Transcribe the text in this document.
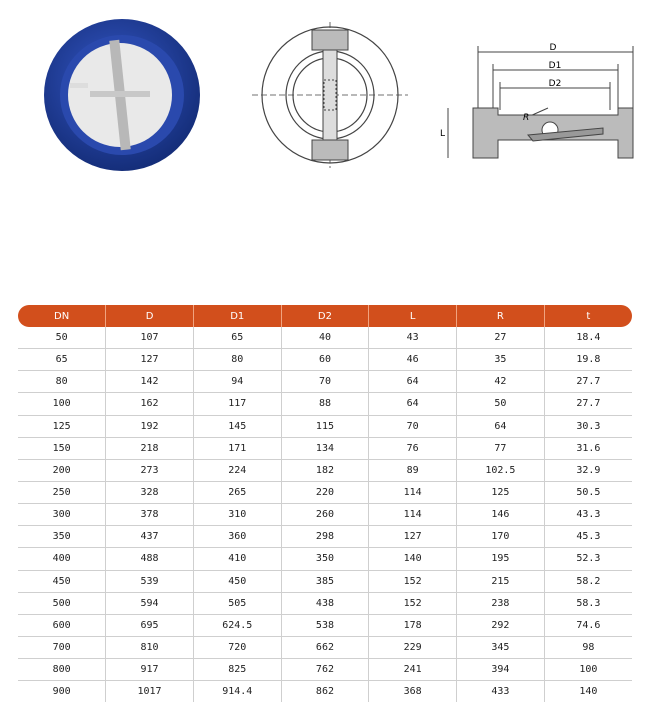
D
D1
D2
R
L
DN	D	D1	D2	L	R	t
50	107	65	40	43	27	18.4
65	127	80	60	46	35	19.8
80	142	94	70	64	42	27.7
100	162	117	88	64	50	27.7
125	192	145	115	70	64	30.3
150	218	171	134	76	77	31.6
200	273	224	182	89	102.5	32.9
250	328	265	220	114	125	50.5
300	378	310	260	114	146	43.3
350	437	360	298	127	170	45.3
400	488	410	350	140	195	52.3
450	539	450	385	152	215	58.2
500	594	505	438	152	238	58.3
600	695	624.5	538	178	292	74.6
700	810	720	662	229	345	98
800	917	825	762	241	394	100
900	1017	914.4	862	368	433	140
